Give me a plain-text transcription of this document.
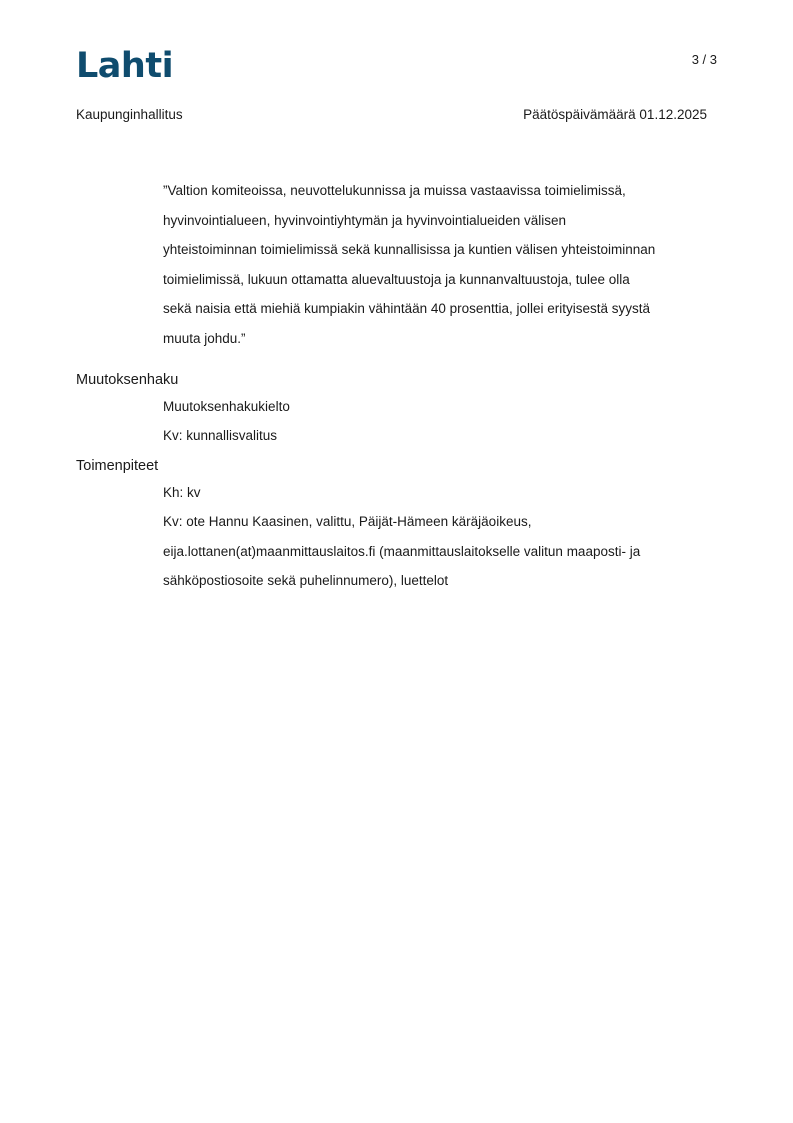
Lahti	3 / 3
Kaupunginhallitus	Päätöspäivämäärä 01.12.2025
”Valtion komiteoissa, neuvottelukunnissa ja muissa vastaavissa toimielimissä,
hyvinvointialueen, hyvinvointiyhtymän ja hyvinvointialueiden välisen
yhteistoiminnan toimielimissä sekä kunnallisissa ja kuntien välisen yhteistoiminnan
toimielimissä, lukuun ottamatta aluevaltuustoja ja kunnanvaltuustoja, tulee olla
sekä naisia että miehiä kumpiakin vähintään 40 prosenttia, jollei erityisestä syystä
muuta johdu.”
Muutoksenhaku
Muutoksenhakukielto
Kv: kunnallisvalitus
Toimenpiteet
Kh: kv
Kv: ote Hannu Kaasinen, valittu, Päijät-Hämeen käräjäoikeus,
eija.lottanen(at)maanmittauslaitos.fi (maanmittauslaitokselle valitun maaposti- ja
sähköpostiosoite sekä puhelinnumero), luettelot
